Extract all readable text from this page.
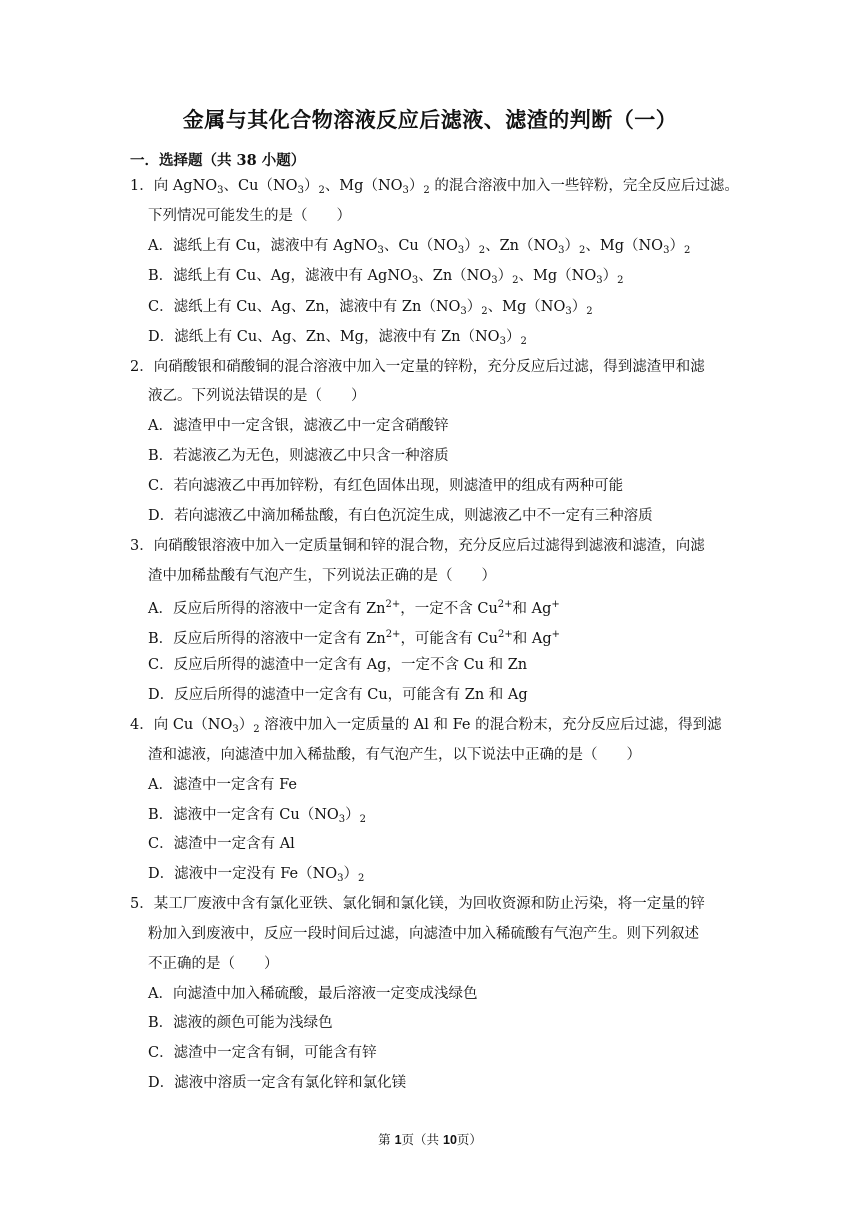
金属与其化合物溶液反应后滤液、滤渣的判断（一）
一．选择题（共 38 小题）
1．向 AgNO$_3$、$Cu(NO_3)_2$、$Mg(NO_3)_2$ 的混合溶液中加入一些锌粉，完全反应后过滤。
下列情况可能发生的是（　　）
A．滤纸上有 Cu，滤液中有 AgNO$_3$、$Cu(NO_3)_2$、$Zn(NO_3)_2$、$Mg(NO_3)_2$
B．滤纸上有 Cu、Ag，滤液中有 AgNO$_3$、$Zn(NO_3)_2$、$Mg(NO_3)_2$
C．滤纸上有 Cu、Ag、Zn，滤液中有 $Zn(NO_3)_2$、$Mg(NO_3)_2$
D．滤纸上有 Cu、Ag、Zn、Mg，滤液中有 $Zn(NO_3)_2$
2．向硝酸银和硝酸铜的混合溶液中加入一定量的锌粉，充分反应后过滤，得到滤渣甲和滤
液乙。下列说法错误的是（　　）
A．滤渣甲中一定含银，滤液乙中一定含硝酸锌
B．若滤液乙为无色，则滤液乙中只含一种溶质
C．若向滤液乙中再加锌粉，有红色固体出现，则滤渣甲的组成有两种可能
D．若向滤液乙中滴加稀盐酸，有白色沉淀生成，则滤液乙中不一定有三种溶质
3．向硝酸银溶液中加入一定质量铜和锌的混合物，充分反应后过滤得到滤液和滤渣，向滤
渣中加稀盐酸有气泡产生，下列说法正确的是（　　）
A．反应后所得的溶液中一定含有 $Zn^{2+}$，一定不含 $Cu^{2+}$和 Ag+
B．反应后所得的溶液中一定含有 $Zn^{2+}$，可能含有 $Cu^{2+}$和 Ag+
C．反应后所得的滤渣中一定含有 Ag，一定不含 Cu 和 Zn
D．反应后所得的滤渣中一定含有 Cu，可能含有 Zn 和 Ag
4．向 $Cu(NO_3)_2$ 溶液中加入一定质量的 Al 和 Fe 的混合粉末，充分反应后过滤，得到滤
渣和滤液，向滤渣中加入稀盐酸，有气泡产生，以下说法中正确的是（　　）
A．滤渣中一定含有 Fe
B．滤液中一定含有 $Cu(NO_3)_2$
C．滤渣中一定含有 Al
D．滤液中一定没有 $Fe(NO_3)_2$
5．某工厂废液中含有氯化亚铁、氯化铜和氯化镁，为回收资源和防止污染，将一定量的锌
粉加入到废液中，反应一段时间后过滤，向滤渣中加入稀硫酸有气泡产生。则下列叙述
不正确的是（　　）
A．向滤渣中加入稀硫酸，最后溶液一定变成浅绿色
B．滤液的颜色可能为浅绿色
C．滤渣中一定含有铜，可能含有锌
D．滤液中溶质一定含有氯化锌和氯化镁
第 1页（共 10页）
